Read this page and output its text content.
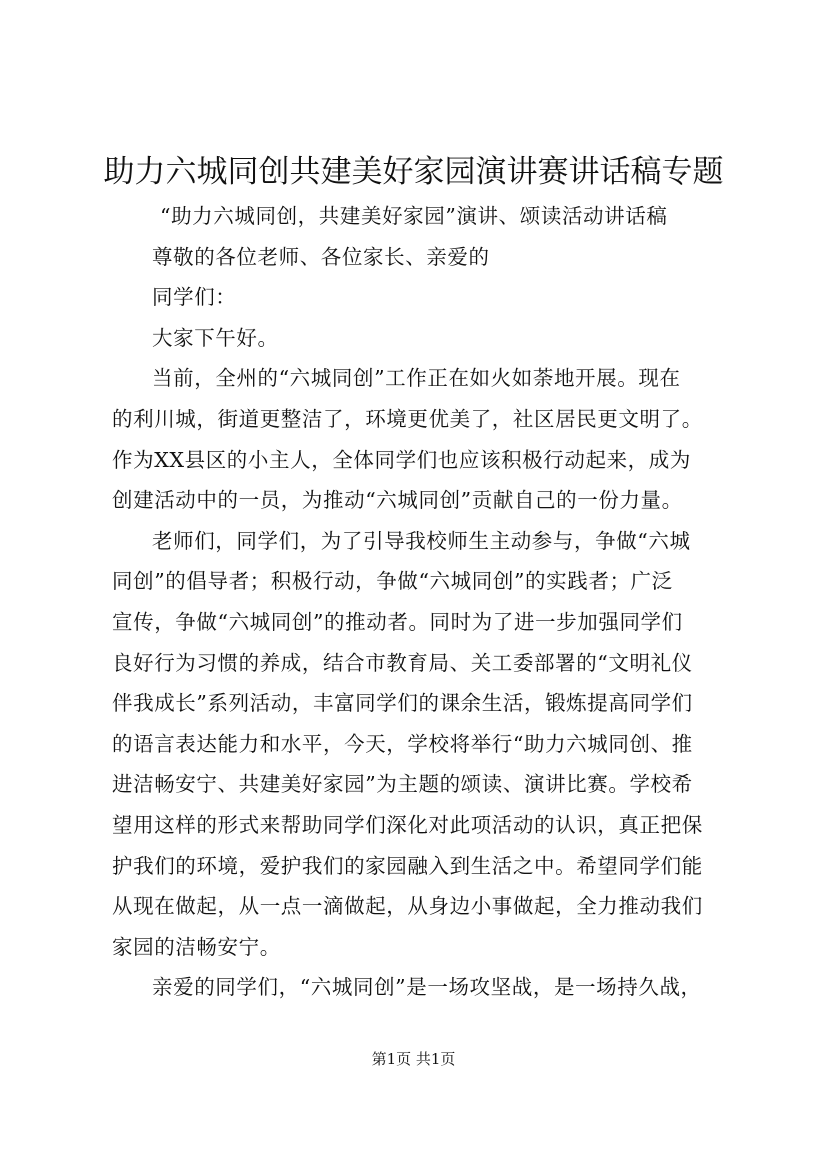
助力六城同创共建美好家园演讲赛讲话稿专题
“助力六城同创，共建美好家园”演讲、颂读活动讲话稿
尊敬的各位老师、各位家长、亲爱的
同学们：
大家下午好。
当前，全州的“六城同创”工作正在如火如荼地开展。现在
的利川城，街道更整洁了，环境更优美了，社区居民更文明了。
作为XX县区的小主人，全体同学们也应该积极行动起来，成为
创建活动中的一员，为推动“六城同创”贡献自己的一份力量。
老师们，同学们，为了引导我校师生主动参与，争做“六城
同创”的倡导者；积极行动，争做“六城同创”的实践者；广泛
宣传，争做“六城同创”的推动者。同时为了进一步加强同学们
良好行为习惯的养成，结合市教育局、关工委部署的“文明礼仪
伴我成长”系列活动，丰富同学们的课余生活，锻炼提高同学们
的语言表达能力和水平，今天，学校将举行“助力六城同创、推
进洁畅安宁、共建美好家园”为主题的颂读、演讲比赛。学校希
望用这样的形式来帮助同学们深化对此项活动的认识，真正把保
护我们的环境，爱护我们的家园融入到生活之中。希望同学们能
从现在做起，从一点一滴做起，从身边小事做起，全力推动我们
家园的洁畅安宁。
亲爱的同学们，“六城同创”是一场攻坚战，是一场持久战，
第1页 共1页
